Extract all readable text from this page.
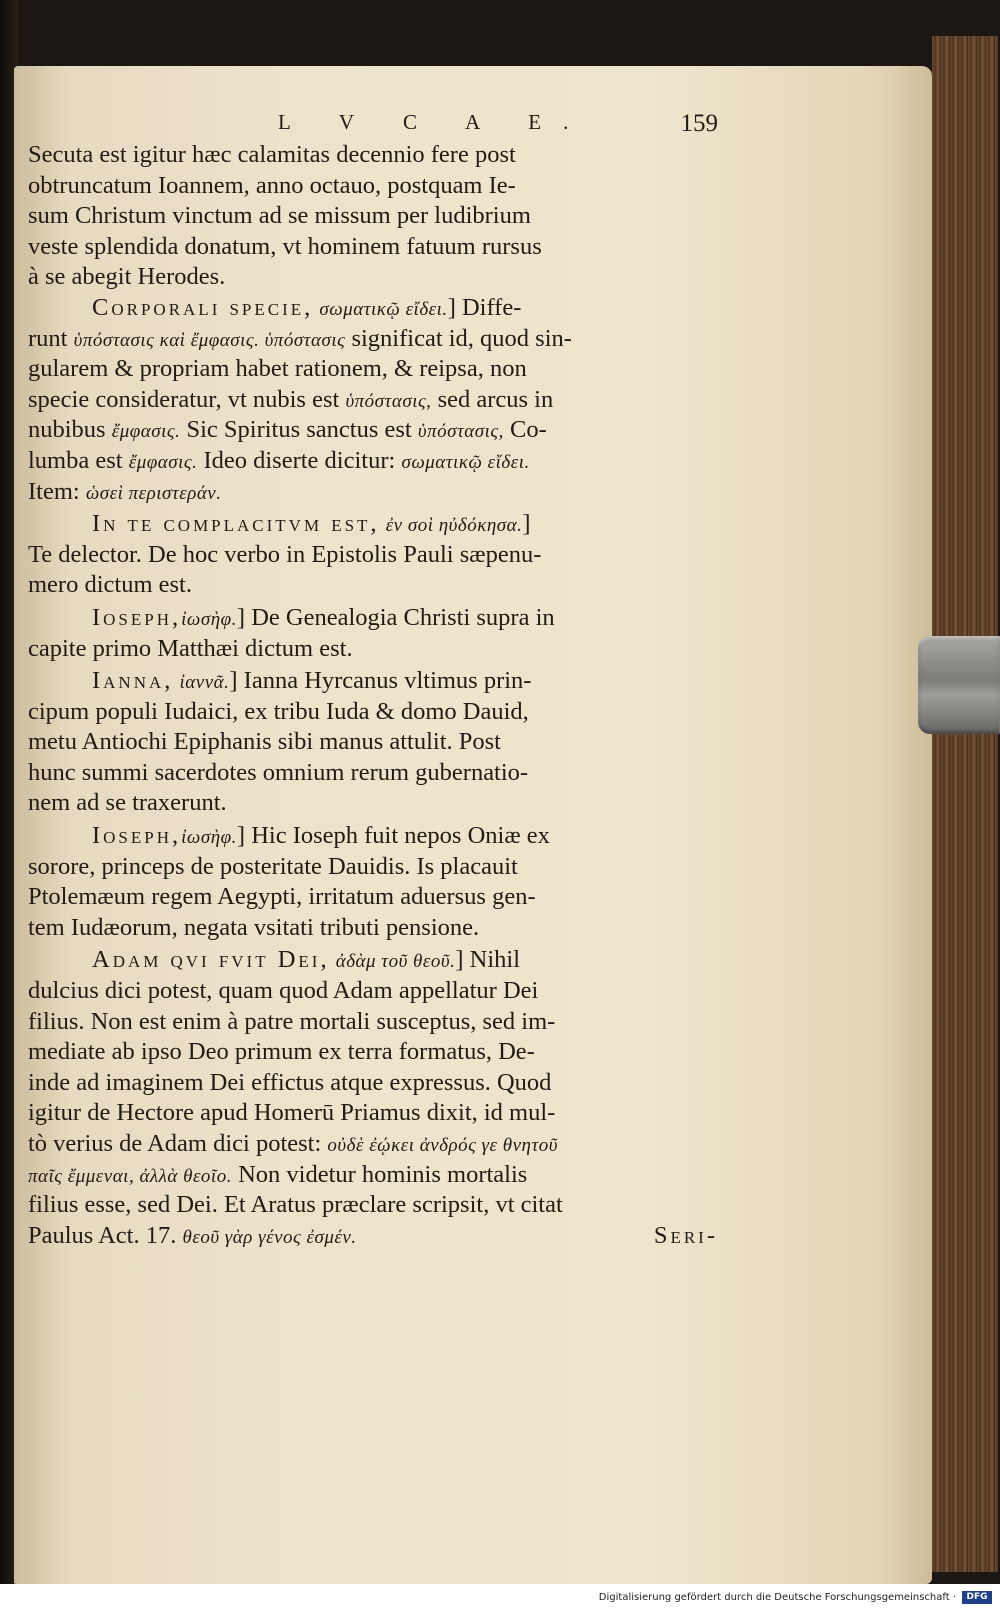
L V C A E.	159
Secuta est igitur hæc calamitas decennio fere post
obtruncatum Ioannem, anno octauo, postquam Ie-
sum Christum vinctum ad se missum per ludibrium
veste splendida donatum, vt hominem fatuum rursus
à se abegit Herodes.
Corporali specie, σωματικῷ εἴδει.] Diffe-
runt ὑπόστασις καὶ ἔμφασις. ὑπόστασις significat id, quod sin-
gularem & propriam habet rationem, & reipsa, non
specie consideratur, vt nubis est ὑπόστασις, sed arcus in
nubibus ἔμφασις. Sic Spiritus sanctus est ὑπόστασις, Co-
lumba est ἔμφασις. Ideo diserte dicitur: σωματικῷ εἴδει.
Item: ὡσεὶ περιστεράν.
In te complacitvm est, ἐν σοὶ ηὐδόκησα.]
Te delector. De hoc verbo in Epistolis Pauli sæpenu-
mero dictum est.
Ioseph,ἰωσὴφ.] De Genealogia Christi supra in
capite primo Matthæi dictum est.
Ianna, ἰαννᾶ.] Ianna Hyrcanus vltimus prin-
cipum populi Iudaici, ex tribu Iuda & domo Dauid,
metu Antiochi Epiphanis sibi manus attulit. Post
hunc summi sacerdotes omnium rerum gubernatio-
nem ad se traxerunt.
Ioseph,ἰωσὴφ.] Hic Ioseph fuit nepos Oniæ ex
sorore, princeps de posteritate Dauidis. Is placauit
Ptolemæum regem Aegypti, irritatum aduersus gen-
tem Iudæorum, negata vsitati tributi pensione.
Adam qvi fvit Dei, ἀδὰμ τοῦ θεοῦ.] Nihil
dulcius dici potest, quam quod Adam appellatur Dei
filius. Non est enim à patre mortali susceptus, sed im-
mediate ab ipso Deo primum ex terra formatus, De-
inde ad imaginem Dei effictus atque expressus. Quod
igitur de Hectore apud Homerū Priamus dixit, id mul-
tò verius de Adam dici potest: οὐδὲ ἐῴκει ἀνδρός γε θνητοῦ
παῖς ἔμμεναι, ἀλλὰ θεοῖο. Non videtur hominis mortalis
filius esse, sed Dei. Et Aratus præclare scripsit, vt citat
Paulus Act. 17. θεοῦ γὰρ γένος ἐσμέν.	Seri-
Digitalisierung gefördert durch die Deutsche Forschungsgemeinschaft ·	DFG
